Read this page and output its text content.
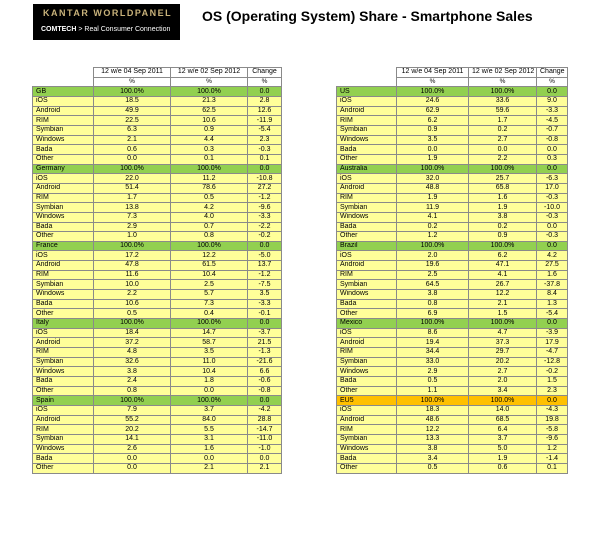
KANTAR WORLDPANEL
COMTECH > Real Consumer Connection
OS (Operating System) Share - Smartphone Sales
	12 w/e 04 Sep 2011	12 w/e 02 Sep 2012	Change
	%	%	%
GB	100.0%	100.0%	0.0
iOS	18.5	21.3	2.8
Android	49.9	62.5	12.6
RIM	22.5	10.6	-11.9
Symbian	6.3	0.9	-5.4
Windows	2.1	4.4	2.3
Bada	0.6	0.3	-0.3
Other	0.0	0.1	0.1
Germany	100.0%	100.0%	0.0
iOS	22.0	11.2	-10.8
Android	51.4	78.6	27.2
RIM	1.7	0.5	-1.2
Symbian	13.8	4.2	-9.6
Windows	7.3	4.0	-3.3
Bada	2.9	0.7	-2.2
Other	1.0	0.8	-0.2
France	100.0%	100.0%	0.0
iOS	17.2	12.2	-5.0
Android	47.8	61.5	13.7
RIM	11.6	10.4	-1.2
Symbian	10.0	2.5	-7.5
Windows	2.2	5.7	3.5
Bada	10.6	7.3	-3.3
Other	0.5	0.4	-0.1
Italy	100.0%	100.0%	0.0
iOS	18.4	14.7	-3.7
Android	37.2	58.7	21.5
RIM	4.8	3.5	-1.3
Symbian	32.6	11.0	-21.6
Windows	3.8	10.4	6.6
Bada	2.4	1.8	-0.6
Other	0.8	0.0	-0.8
Spain	100.0%	100.0%	0.0
iOS	7.9	3.7	-4.2
Android	55.2	84.0	28.8
RIM	20.2	5.5	-14.7
Symbian	14.1	3.1	-11.0
Windows	2.6	1.6	-1.0
Bada	0.0	0.0	0.0
Other	0.0	2.1	2.1
	12 w/e 04 Sep 2011	12 w/e 02 Sep 2012	Change
	%	%	%
US	100.0%	100.0%	0.0
iOS	24.6	33.6	9.0
Android	62.9	59.6	-3.3
RIM	6.2	1.7	-4.5
Symbian	0.9	0.2	-0.7
Windows	3.5	2.7	-0.8
Bada	0.0	0.0	0.0
Other	1.9	2.2	0.3
Australia	100.0%	100.0%	0.0
iOS	32.0	25.7	-6.3
Android	48.8	65.8	17.0
RIM	1.9	1.6	-0.3
Symbian	11.9	1.9	-10.0
Windows	4.1	3.8	-0.3
Bada	0.2	0.2	0.0
Other	1.2	0.9	-0.3
Brazil	100.0%	100.0%	0.0
iOS	2.0	6.2	4.2
Android	19.6	47.1	27.5
RIM	2.5	4.1	1.6
Symbian	64.5	26.7	-37.8
Windows	3.8	12.2	8.4
Bada	0.8	2.1	1.3
Other	6.9	1.5	-5.4
Mexico	100.0%	100.0%	0.0
iOS	8.6	4.7	-3.9
Android	19.4	37.3	17.9
RIM	34.4	29.7	-4.7
Symbian	33.0	20.2	-12.8
Windows	2.9	2.7	-0.2
Bada	0.5	2.0	1.5
Other	1.1	3.4	2.3
EU5	100.0%	100.0%	0.0
iOS	18.3	14.0	-4.3
Android	48.6	68.5	19.8
RIM	12.2	6.4	-5.8
Symbian	13.3	3.7	-9.6
Windows	3.8	5.0	1.2
Bada	3.4	1.9	-1.4
Other	0.5	0.6	0.1
